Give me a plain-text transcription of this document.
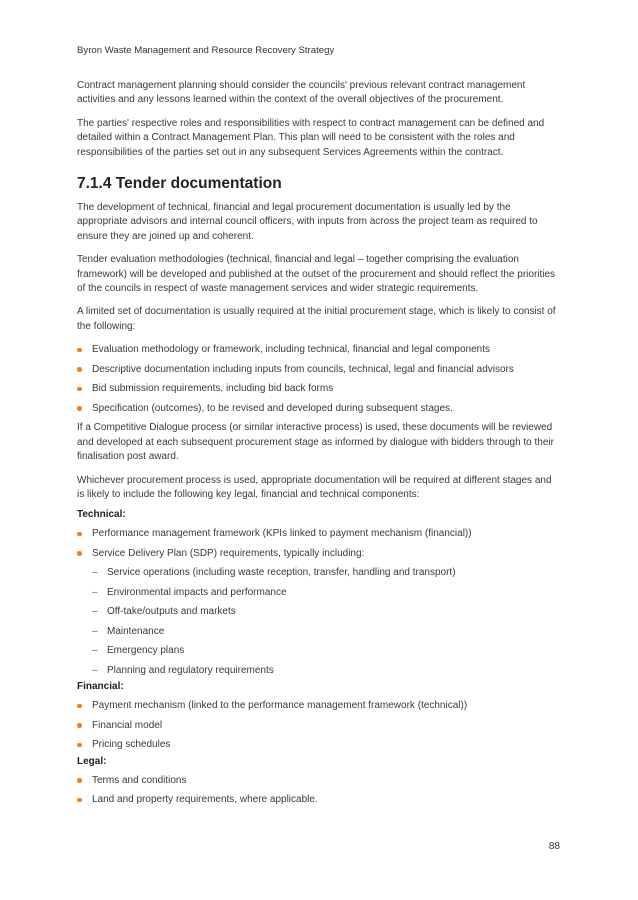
Byron Waste Management and Resource Recovery Strategy

Contract management planning should consider the councils' previous relevant contract management activities and any lessons learned within the context of the overall objectives of the procurement.

The parties' respective roles and responsibilities with respect to contract management can be defined and detailed within a Contract Management Plan. This plan will need to be consistent with the roles and responsibilities of the parties set out in any subsequent Services Agreements within the contract.

7.1.4 Tender documentation

The development of technical, financial and legal procurement documentation is usually led by the appropriate advisors and internal council officers, with inputs from across the project team as required to ensure they are joined up and coherent.

Tender evaluation methodologies (technical, financial and legal – together comprising the evaluation framework) will be developed and published at the outset of the procurement and should reflect the priorities of the councils in respect of waste management services and wider strategic requirements.

A limited set of documentation is usually required at the initial procurement stage, which is likely to consist of the following:

Evaluation methodology or framework, including technical, financial and legal components
Descriptive documentation including inputs from councils, technical, legal and financial advisors
Bid submission requirements, including bid back forms
Specification (outcomes), to be revised and developed during subsequent stages.

If a Competitive Dialogue process (or similar interactive process) is used, these documents will be reviewed and developed at each subsequent procurement stage as informed by dialogue with bidders through to their finalisation post award.

Whichever procurement process is used, appropriate documentation will be required at different stages and is likely to include the following key legal, financial and technical components:

Technical:
Performance management framework (KPIs linked to payment mechanism (financial))
Service Delivery Plan (SDP) requirements, typically including:
– Service operations (including waste reception, transfer, handling and transport)
– Environmental impacts and performance
– Off-take/outputs and markets
– Maintenance
– Emergency plans
– Planning and regulatory requirements
Financial:
Payment mechanism (linked to the performance management framework (technical))
Financial model
Pricing schedules
Legal:
Terms and conditions
Land and property requirements, where applicable.
88
